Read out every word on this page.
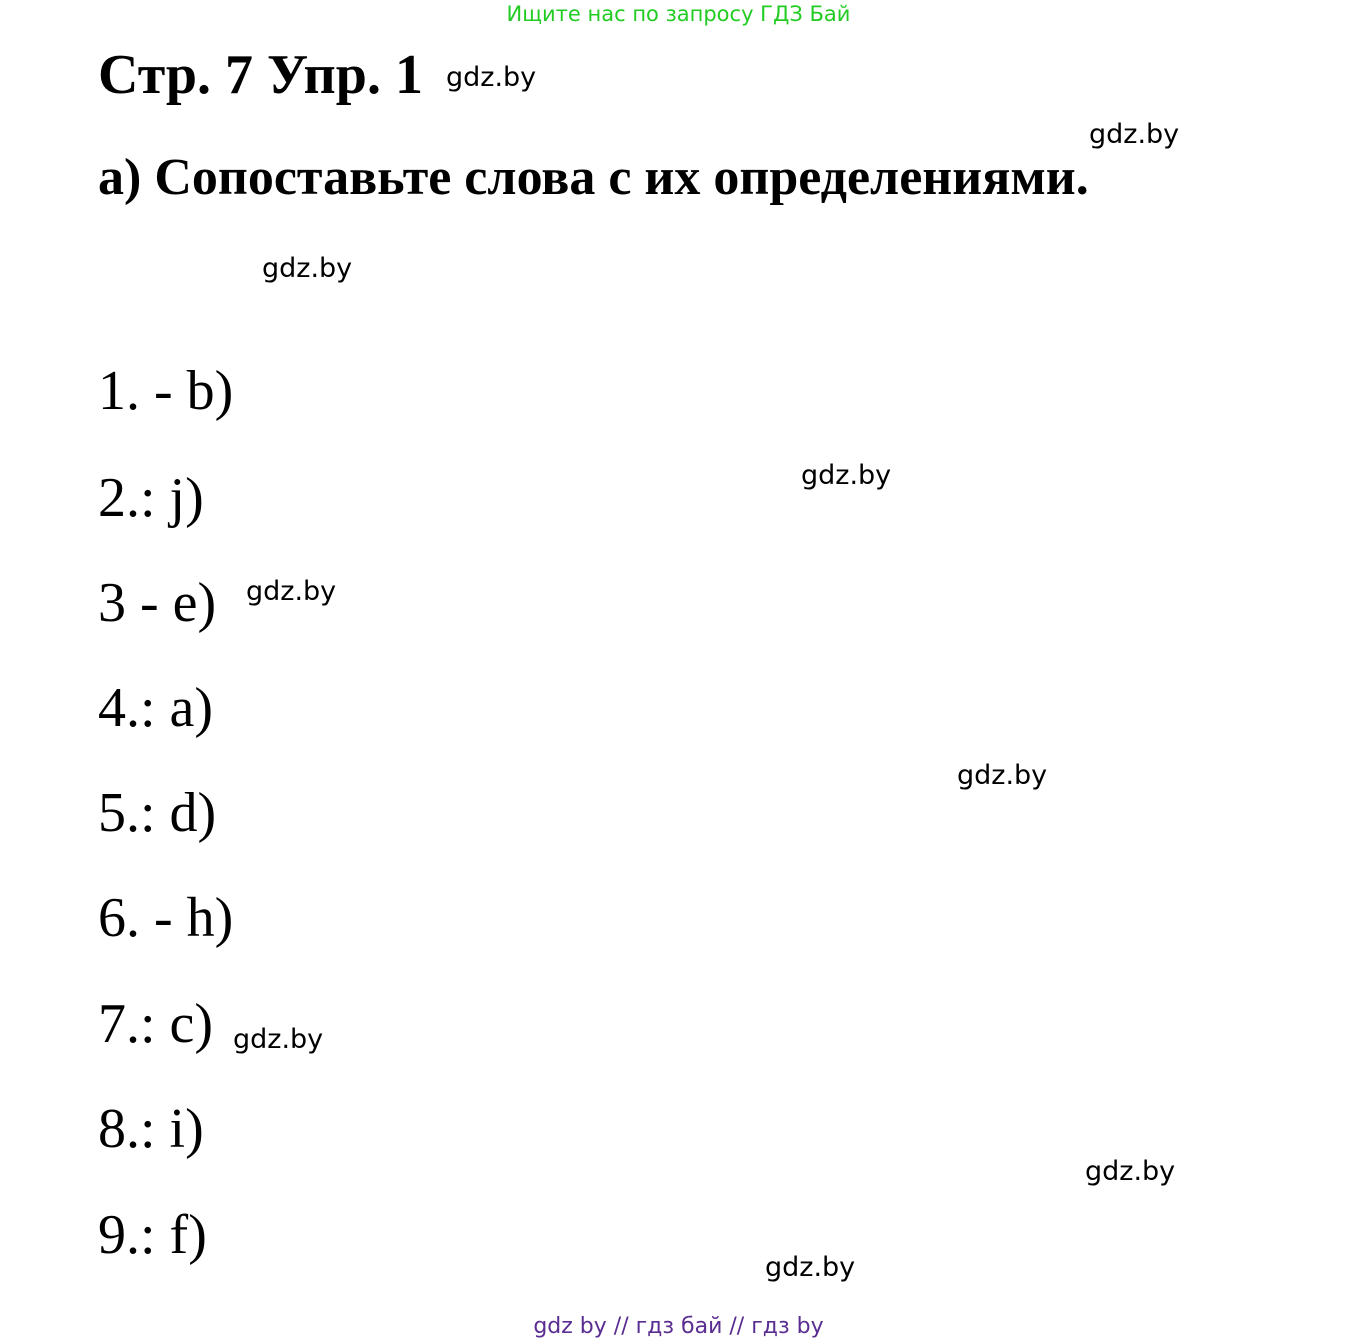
Ищите нас по запросу ГДЗ Бай
Стр. 7 Упр. 1 gdz.by
gdz.by
а) Сопоставьте слова с их определениями.
gdz.by
1. - b)
2.: j)	gdz.by
3 - e) gdz.by
4.: a)
gdz.by
5.: d)
6. - h)
7.: c) gdz.by
8.: i)
gdz.by
9.: f)
gdz.by
gdz by // гдз бай // гдз by
